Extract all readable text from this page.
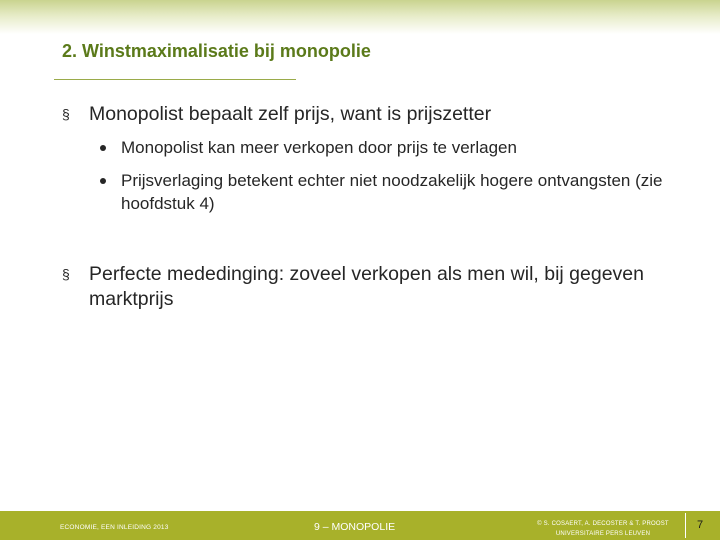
2. Winstmaximalisatie bij monopolie
§ Monopolist bepaalt zelf prijs, want is prijszetter
Monopolist kan meer verkopen door prijs te verlagen
Prijsverlaging betekent echter niet noodzakelijk hogere ontvangsten (zie hoofdstuk 4)
§ Perfecte mededinging: zoveel verkopen als men wil, bij gegeven marktprijs
ECONOMIE, EEN INLEIDING 2013	9 – MONOPOLIE	© S. COSAERT, A. DECOSTER & T. PROOST
UNIVERSITAIRE PERS LEUVEN
7
